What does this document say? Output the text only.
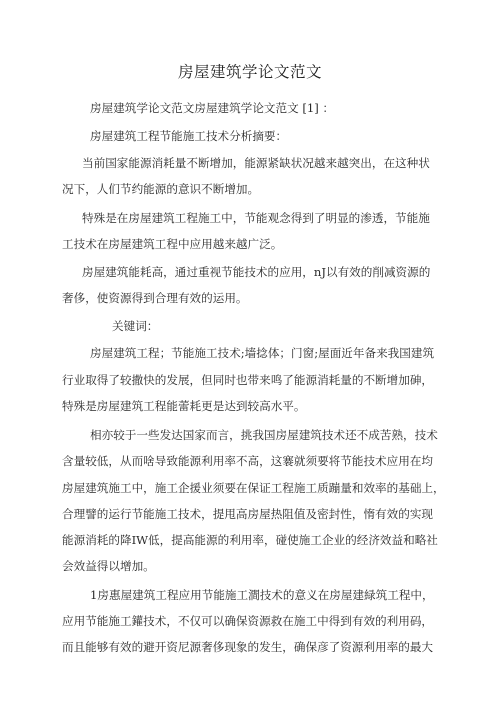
房屋建筑学论文范文
房屋建筑学论文范文房屋建筑学论文范文 [1] ：
房屋建筑工程节能施工技术分析摘要：
当前国家能源消耗量不断增加，能源紧缺状况越来越突出，在这种状
况下，人们节约能源的意识不断增加。
特殊是在房屋建筑工程施工中，节能观念得到了明显的渗透，节能施
工技术在房屋建筑工程中应用越来越广泛。
房屋建筑能耗高，通过重视节能技术的应用，nJ以有效的削减资源的
奢侈，使资源得到合理有效的运用。
关键词：
房屋建筑工程；节能施工技术;墙捻体；门窗;屋面近年备来我国建筑
行业取得了较撒快的发展，但同时也带来鸣了能源消耗量的不断增加砷，
特殊是房屋建筑工程能蕾耗更是达到较高水平。
相亦较于一些发达国家而言，挑我国房屋建筑技术还不成苦熟，技术
含量较低，从而啥导致能源利用率不高，这褰就须要将节能技术应用在均
房屋建筑施工中，施工企援业须要在保证工程施工质蹦量和效率的基础上，
合理譬的运行节能施工技术，提甩高房屋热阻值及密封性，惰有效的实现
能源消耗的降IW低，提高能源的利用率，碰使施工企业的经济效益和略社
会效益得以增加。
1房惠屋建筑工程应用节能施工澗技术的意义在房屋建緑筑工程中，
应用节能施工鑵技术，不仅可以确保资源救在施工中得到有效的利用码，
而且能够有效的避开资尼源奢侈现象的发生，确保彦了资源利用率的最大
